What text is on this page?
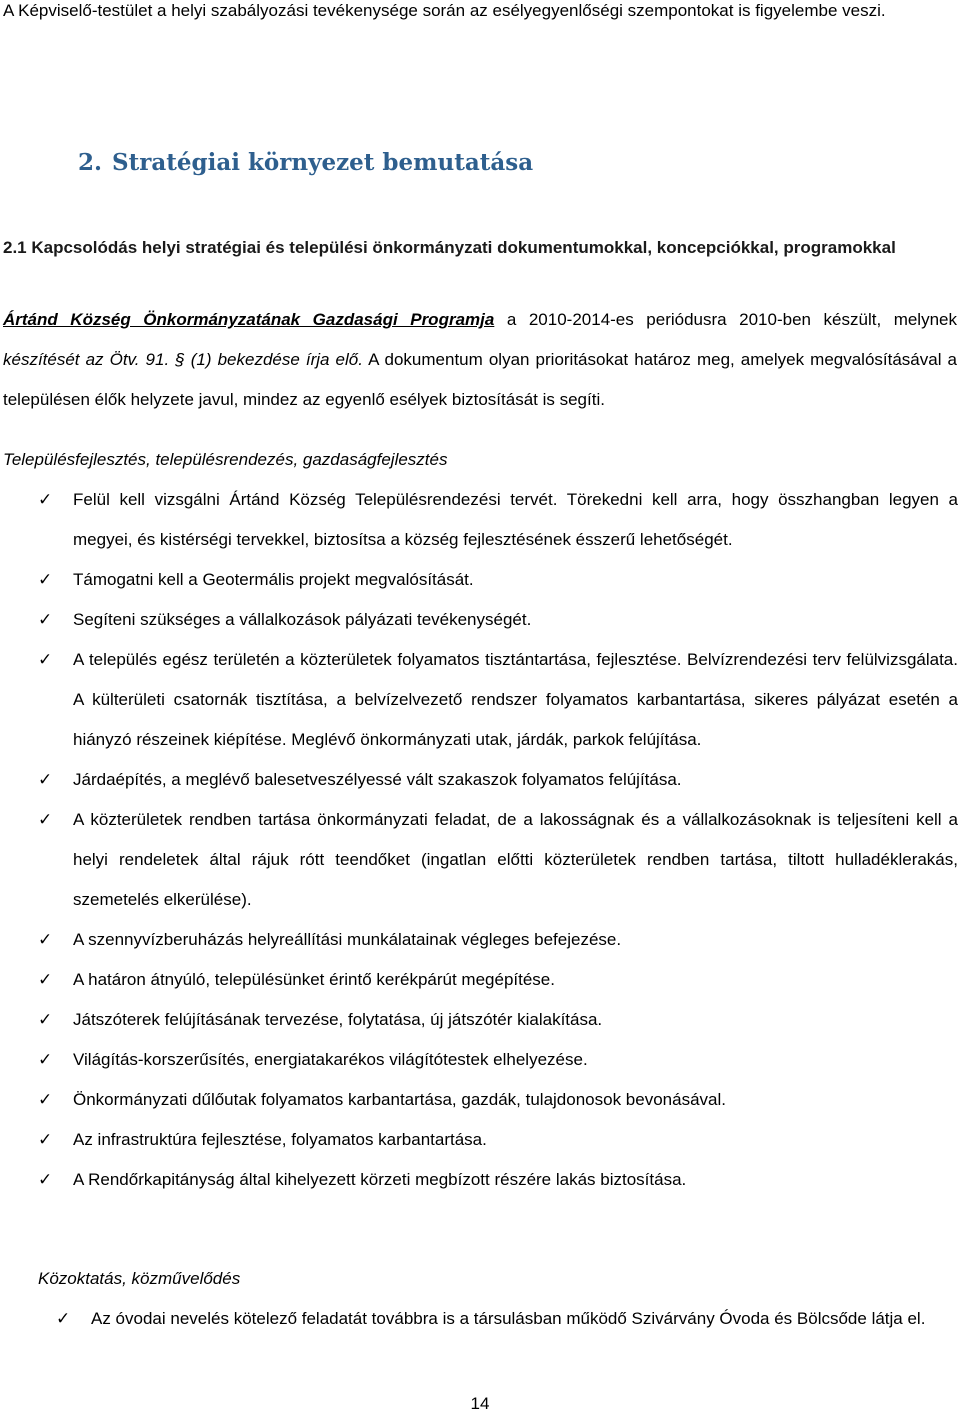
A Képviselő-testület a helyi szabályozási tevékenysége során az esélyegyenlőségi szempontokat is figyelembe veszi.
2. Stratégiai környezet bemutatása
2.1 Kapcsolódás helyi stratégiai és települési önkormányzati dokumentumokkal, koncepciókkal, programokkal
Ártánd Község Önkormányzatának Gazdasági Programja a 2010-2014-es periódusra 2010-ben készült, melynek készítését az Ötv. 91. § (1) bekezdése írja elő. A dokumentum olyan prioritásokat határoz meg, amelyek megvalósításával a településen élők helyzete javul, mindez az egyenlő esélyek biztosítását is segíti.
Településfejlesztés, településrendezés, gazdaságfejlesztés
✓	Felül kell vizsgálni Ártánd Község Településrendezési tervét. Törekedni kell arra, hogy összhangban legyen a megyei, és kistérségi tervekkel, biztosítsa a község fejlesztésének ésszerű lehetőségét.
✓	Támogatni kell a Geotermális projekt megvalósítását.
✓	Segíteni szükséges a vállalkozások pályázati tevékenységét.
✓	A település egész területén a közterületek folyamatos tisztántartása, fejlesztése. Belvízrendezési terv felülvizsgálata. A külterületi csatornák tisztítása, a belvízelvezető rendszer folyamatos karbantartása, sikeres pályázat esetén a hiányzó részeinek kiépítése. Meglévő önkormányzati utak, járdák, parkok felújítása.
✓	Járdaépítés, a meglévő balesetveszélyessé vált szakaszok folyamatos felújítása.
✓	A közterületek rendben tartása önkormányzati feladat, de a lakosságnak és a vállalkozásoknak is teljesíteni kell a helyi rendeletek által rájuk rótt teendőket (ingatlan előtti közterületek rendben tartása, tiltott hulladéklerakás, szemetelés elkerülése).
✓	A szennyvízberuházás helyreállítási munkálatainak végleges befejezése.
✓	A határon átnyúló, településünket érintő kerékpárút megépítése.
✓	Játszóterek felújításának tervezése, folytatása, új játszótér kialakítása.
✓	Világítás-korszerűsítés, energiatakarékos világítótestek elhelyezése.
✓	Önkormányzati dűlőutak folyamatos karbantartása, gazdák, tulajdonosok bevonásával.
✓	Az infrastruktúra fejlesztése, folyamatos karbantartása.
✓	A Rendőrkapitányság által kihelyezett körzeti megbízott részére lakás biztosítása.
Közoktatás, közművelődés
✓	Az óvodai nevelés kötelező feladatát továbbra is a társulásban működő Szivárvány Óvoda és Bölcsőde látja el.
14
